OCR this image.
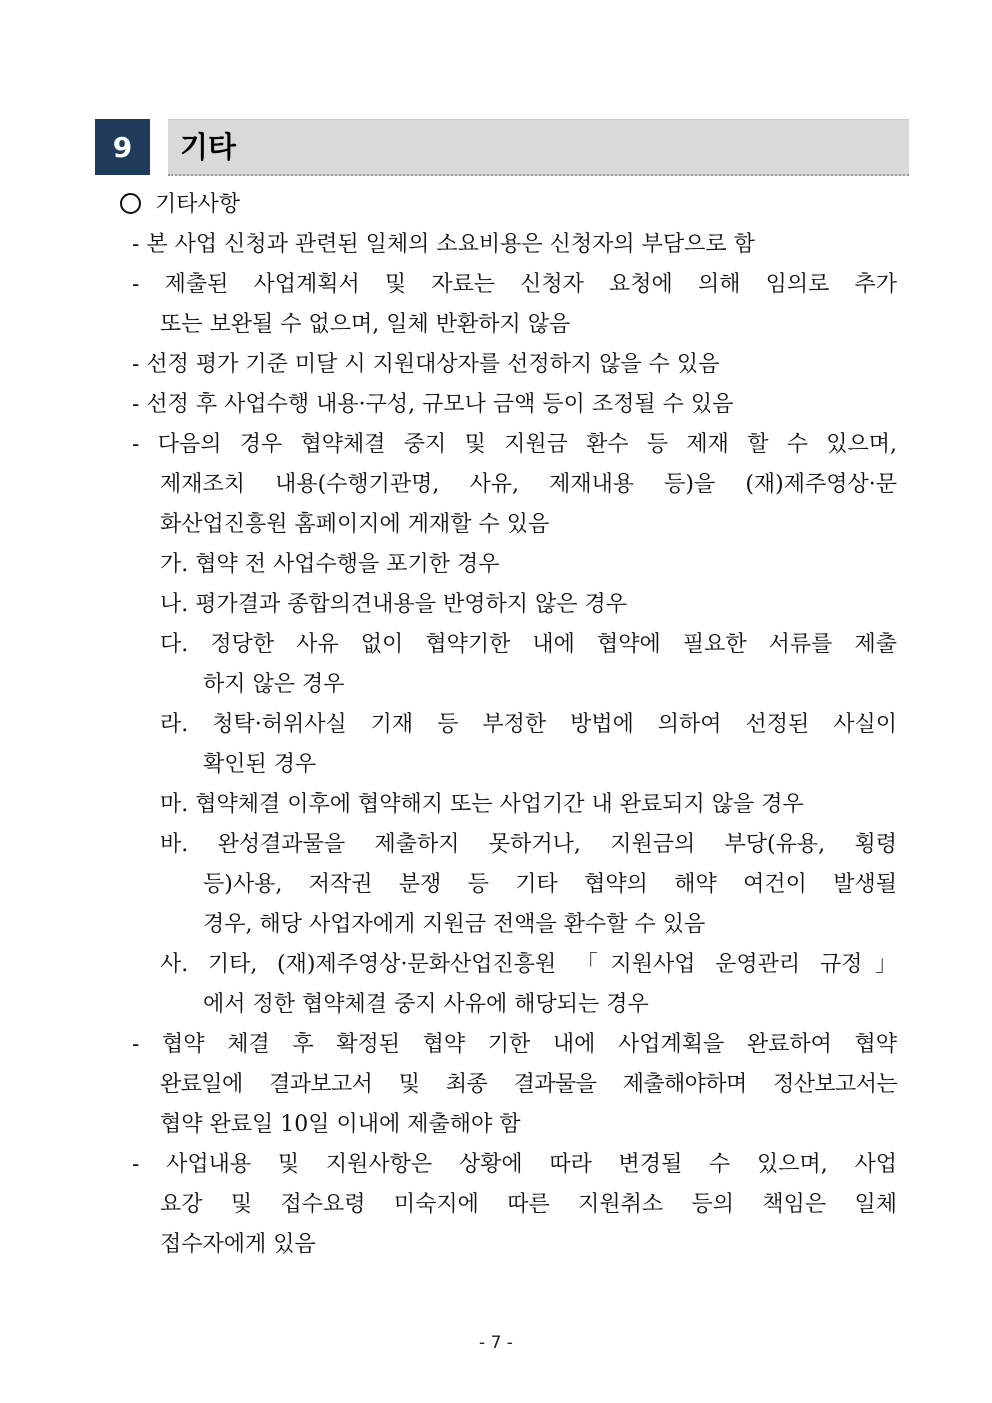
9	기타
기타사항
- 본 사업 신청과 관련된 일체의 소요비용은 신청자의 부담으로 함
- 제출된 사업계획서 및 자료는 신청자 요청에 의해 임의로 추가
또는 보완될 수 없으며, 일체 반환하지 않음
- 선정 평가 기준 미달 시 지원대상자를 선정하지 않을 수 있음
- 선정 후 사업수행 내용·구성, 규모나 금액 등이 조정될 수 있음
- 다음의 경우 협약체결 중지 및 지원금 환수 등 제재 할 수 있으며,
제재조치 내용(수행기관명, 사유, 제재내용 등)을 (재)제주영상·문
화산업진흥원 홈페이지에 게재할 수 있음
가. 협약 전 사업수행을 포기한 경우
나. 평가결과 종합의견내용을 반영하지 않은 경우
다. 정당한 사유 없이 협약기한 내에 협약에 필요한 서류를 제출
하지 않은 경우
라. 청탁·허위사실 기재 등 부정한 방법에 의하여 선정된 사실이
확인된 경우
마. 협약체결 이후에 협약해지 또는 사업기간 내 완료되지 않을 경우
바. 완성결과물을 제출하지 못하거나, 지원금의 부당(유용, 횡령
등)사용, 저작권 분쟁 등 기타 협약의 해약 여건이 발생될
경우, 해당 사업자에게 지원금 전액을 환수할 수 있음
사. 기타, (재)제주영상·문화산업진흥원 「지원사업 운영관리 규정」
에서 정한 협약체결 중지 사유에 해당되는 경우
- 협약 체결 후 확정된 협약 기한 내에 사업계획을 완료하여 협약
완료일에 결과보고서 및 최종 결과물을 제출해야하며 정산보고서는
협약 완료일 10일 이내에 제출해야 함
- 사업내용 및 지원사항은 상황에 따라 변경될 수 있으며, 사업
요강 및 접수요령 미숙지에 따른 지원취소 등의 책임은 일체
접수자에게 있음
- 7 -
